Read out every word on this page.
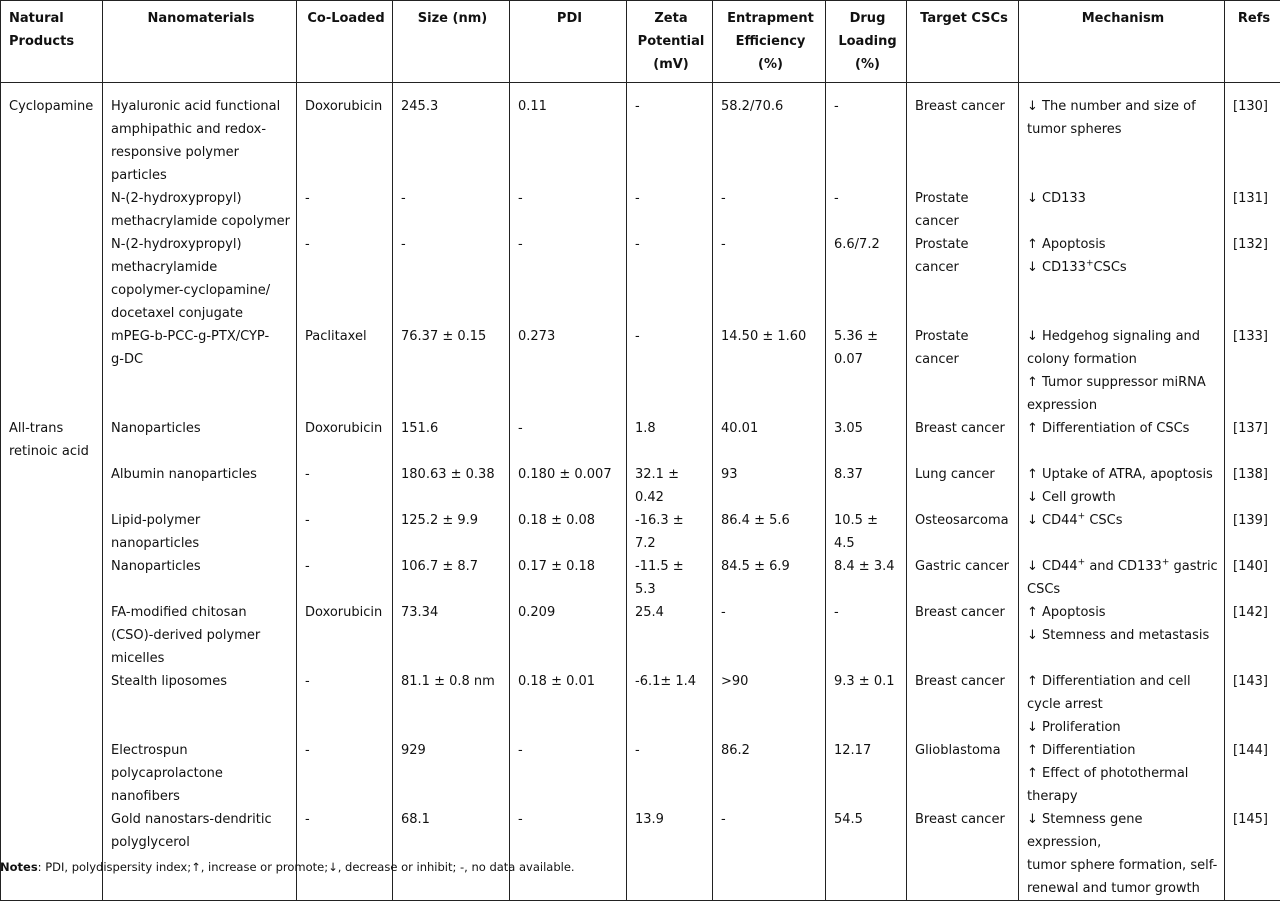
Natural
Products	Nanomaterials	Co-Loaded	Size (nm)	PDI	Zeta
Potential
(mV)	Entrapment
Efficiency
(%)	Drug
Loading
(%)	Target CSCs	Mechanism	Refs
Cyclopamine	Hyaluronic acid functional
amphipathic and redox-
responsive polymer
particles	Doxorubicin	245.3	0.11	-	58.2/70.6	-	Breast cancer	↓ The number and size of
tumor spheres	[130]

	N-(2-hydroxypropyl)
methacrylamide copolymer	-	-	-	-	-	-	Prostate
cancer	↓ CD133	[131]

	N-(2-hydroxypropyl)
methacrylamide
copolymer-cyclopamine/
docetaxel conjugate	-	-	-	-	-	6.6/7.2	Prostate
cancer	↑ Apoptosis
↓ CD133+CSCs	[132]

	mPEG-b-PCC-g-PTX/CYP-
g-DC	Paclitaxel	76.37 ± 0.15	0.273	-	14.50 ± 1.60	5.36 ±
0.07	Prostate
cancer	↓ Hedgehog signaling and
colony formation
↑ Tumor suppressor miRNA
expression	[133]

All-trans
retinoic acid	Nanoparticles	Doxorubicin	151.6	-	1.8	40.01	3.05	Breast cancer	↑ Differentiation of CSCs	[137]

	Albumin nanoparticles	-	180.63 ± 0.38	0.180 ± 0.007	32.1 ± 0.42	93	8.37	Lung cancer	↑ Uptake of ATRA, apoptosis
↓ Cell growth	[138]

	Lipid-polymer
nanoparticles	-	125.2 ± 9.9	0.18 ± 0.08	-16.3 ± 7.2	86.4 ± 5.6	10.5 ± 4.5	Osteosarcoma	↓ CD44+ CSCs	[139]

	Nanoparticles	-	106.7 ± 8.7	0.17 ± 0.18	-11.5 ± 5.3	84.5 ± 6.9	8.4 ± 3.4	Gastric cancer	↓ CD44+ and CD133+ gastric
CSCs	[140]

	FA-modified chitosan
(CSO)-derived polymer
micelles	Doxorubicin	73.34	0.209	25.4	-	-	Breast cancer	↑ Apoptosis
↓ Stemness and metastasis	[142]

	Stealth liposomes	-	81.1 ± 0.8 nm	0.18 ± 0.01	-6.1± 1.4	>90	9.3 ± 0.1	Breast cancer	↑ Differentiation and cell
cycle arrest
↓ Proliferation	[143]

	Electrospun
polycaprolactone
nanofibers	-	929	-	-	86.2	12.17	Glioblastoma	↑ Differentiation
↑ Effect of photothermal
therapy	[144]

	Gold nanostars-dendritic
polyglycerol	-	68.1	-	13.9	-	54.5	Breast cancer	↓ Stemness gene expression,
tumor sphere formation, self-
renewal and tumor growth	[145]
Notes: PDI, polydispersity index;↑, increase or promote;↓, decrease or inhibit; -, no data available.
